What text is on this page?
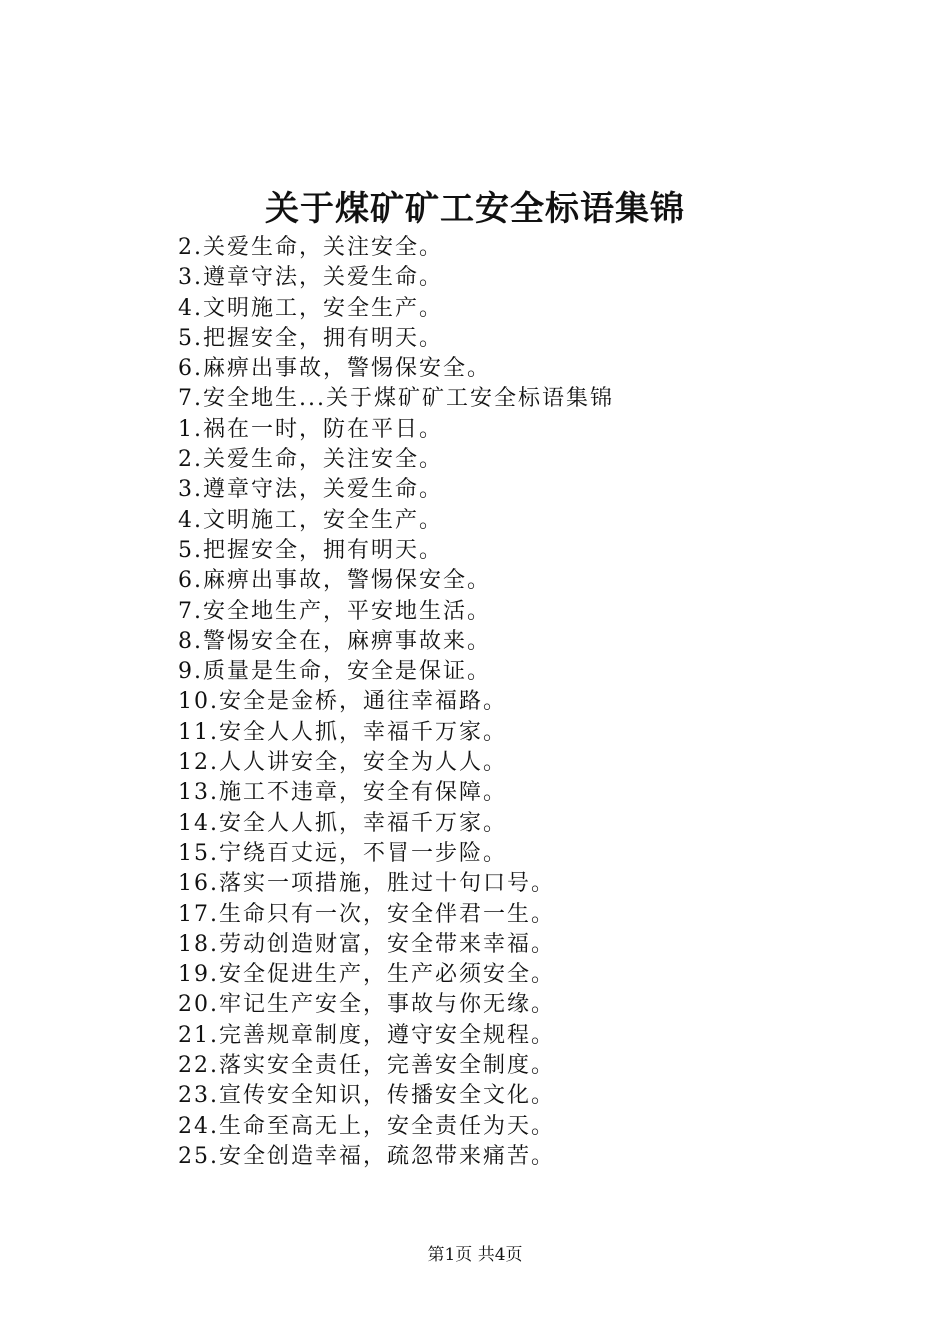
关于煤矿矿工安全标语集锦
2.关爱生命，关注安全。
3.遵章守法，关爱生命。
4.文明施工，安全生产。
5.把握安全，拥有明天。
6.麻痹出事故，警惕保安全。
7.安全地生...关于煤矿矿工安全标语集锦
1.祸在一时，防在平日。
2.关爱生命，关注安全。
3.遵章守法，关爱生命。
4.文明施工，安全生产。
5.把握安全，拥有明天。
6.麻痹出事故，警惕保安全。
7.安全地生产，平安地生活。
8.警惕安全在，麻痹事故来。
9.质量是生命，安全是保证。
10.安全是金桥，通往幸福路。
11.安全人人抓，幸福千万家。
12.人人讲安全，安全为人人。
13.施工不违章，安全有保障。
14.安全人人抓，幸福千万家。
15.宁绕百丈远，不冒一步险。
16.落实一项措施，胜过十句口号。
17.生命只有一次，安全伴君一生。
18.劳动创造财富，安全带来幸福。
19.安全促进生产，生产必须安全。
20.牢记生产安全，事故与你无缘。
21.完善规章制度，遵守安全规程。
22.落实安全责任，完善安全制度。
23.宣传安全知识，传播安全文化。
24.生命至高无上，安全责任为天。
25.安全创造幸福，疏忽带来痛苦。
第1页 共4页
